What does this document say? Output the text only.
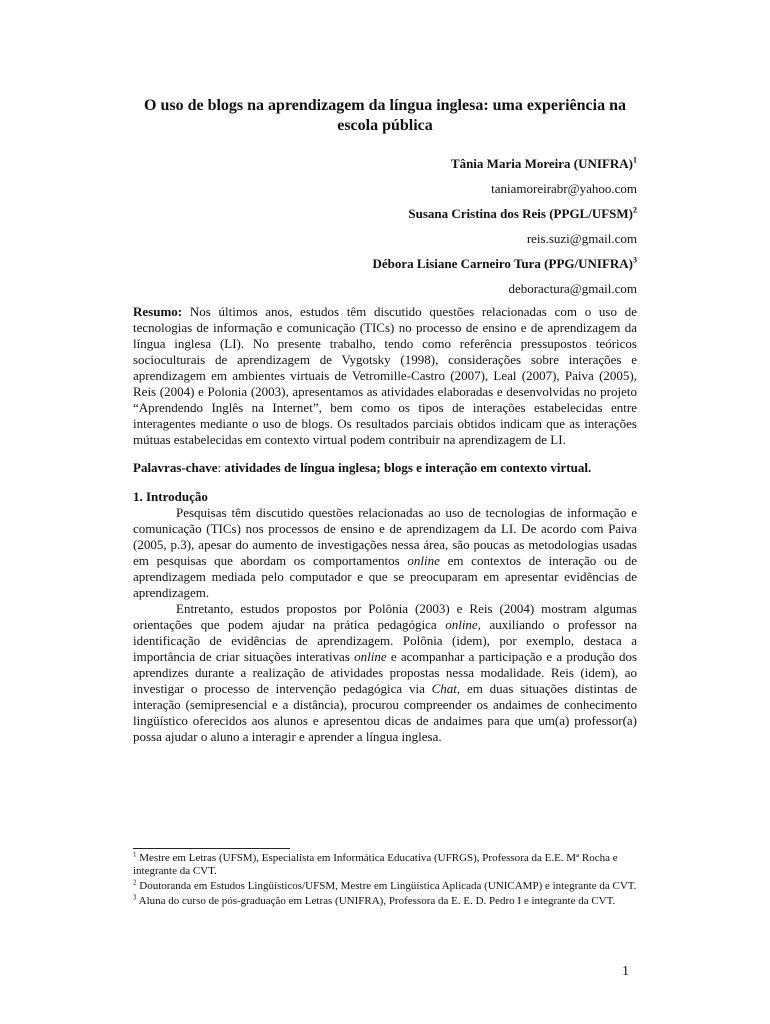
O uso de blogs na aprendizagem da língua inglesa: uma experiência na escola pública
Tânia Maria Moreira (UNIFRA)$^1$
taniamoreirabr@yahoo.com
Susana Cristina dos Reis (PPGL/UFSM)$^2$
reis.suzi@gmail.com
Débora Lisiane Carneiro Tura (PPG/UNIFRA)$^3$
deboractura@gmail.com

Resumo: Nos últimos anos, estudos têm discutido questões relacionadas com o uso de tecnologias de informação e comunicação (TICs) no processo de ensino e de aprendizagem da língua inglesa (LI). No presente trabalho, tendo como referência pressupostos teóricos socioculturais de aprendizagem de Vygotsky (1998), considerações sobre interações e aprendizagem em ambientes virtuais de Vetromille-Castro (2007), Leal (2007), Paiva (2005), Reis (2004) e Polonia (2003), apresentamos as atividades elaboradas e desenvolvidas no projeto “Aprendendo Inglês na Internet”, bem como os tipos de interações estabelecidas entre interagentes mediante o uso de blogs. Os resultados parciais obtidos indicam que as interações mútuas estabelecidas em contexto virtual podem contribuir na aprendizagem de LI.

Palavras-chave: atividades de língua inglesa; blogs e interação em contexto virtual.

1. Introdução

Pesquisas têm discutido questões relacionadas ao uso de tecnologias de informação e comunicação (TICs) nos processos de ensino e de aprendizagem da LI. De acordo com Paiva (2005, p.3), apesar do aumento de investigações nessa área, são poucas as metodologias usadas em pesquisas que abordam os comportamentos online em contextos de interação ou de aprendizagem mediada pelo computador e que se preocuparam em apresentar evidências de aprendizagem.

Entretanto, estudos propostos por Polônia (2003) e Reis (2004) mostram algumas orientações que podem ajudar na prática pedagógica online, auxiliando o professor na identificação de evidências de aprendizagem. Polônia (idem), por exemplo, destaca a importância de criar situações interativas online e acompanhar a participação e a produção dos aprendizes durante a realização de atividades propostas nessa modalidade. Reis (idem), ao investigar o processo de intervenção pedagógica via Chat, em duas situações distintas de interação (semipresencial e a distância), procurou compreender os andaimes de conhecimento lingüístico oferecidos aos alunos e apresentou dicas de andaimes para que um(a) professor(a) possa ajudar o aluno a interagir e aprender a língua inglesa.

$^1$ Mestre em Letras (UFSM), Especialista em Informática Educativa (UFRGS), Professora da E.E. Mª Rocha e integrante da CVT.

$^2$ Doutoranda em Estudos Lingüísticos/UFSM, Mestre em Lingüística Aplicada (UNICAMP) e integrante da CVT.

$^3$ Aluna do curso de pós-graduação em Letras (UNIFRA), Professora da E. E. D. Pedro I e integrante da CVT.

1
